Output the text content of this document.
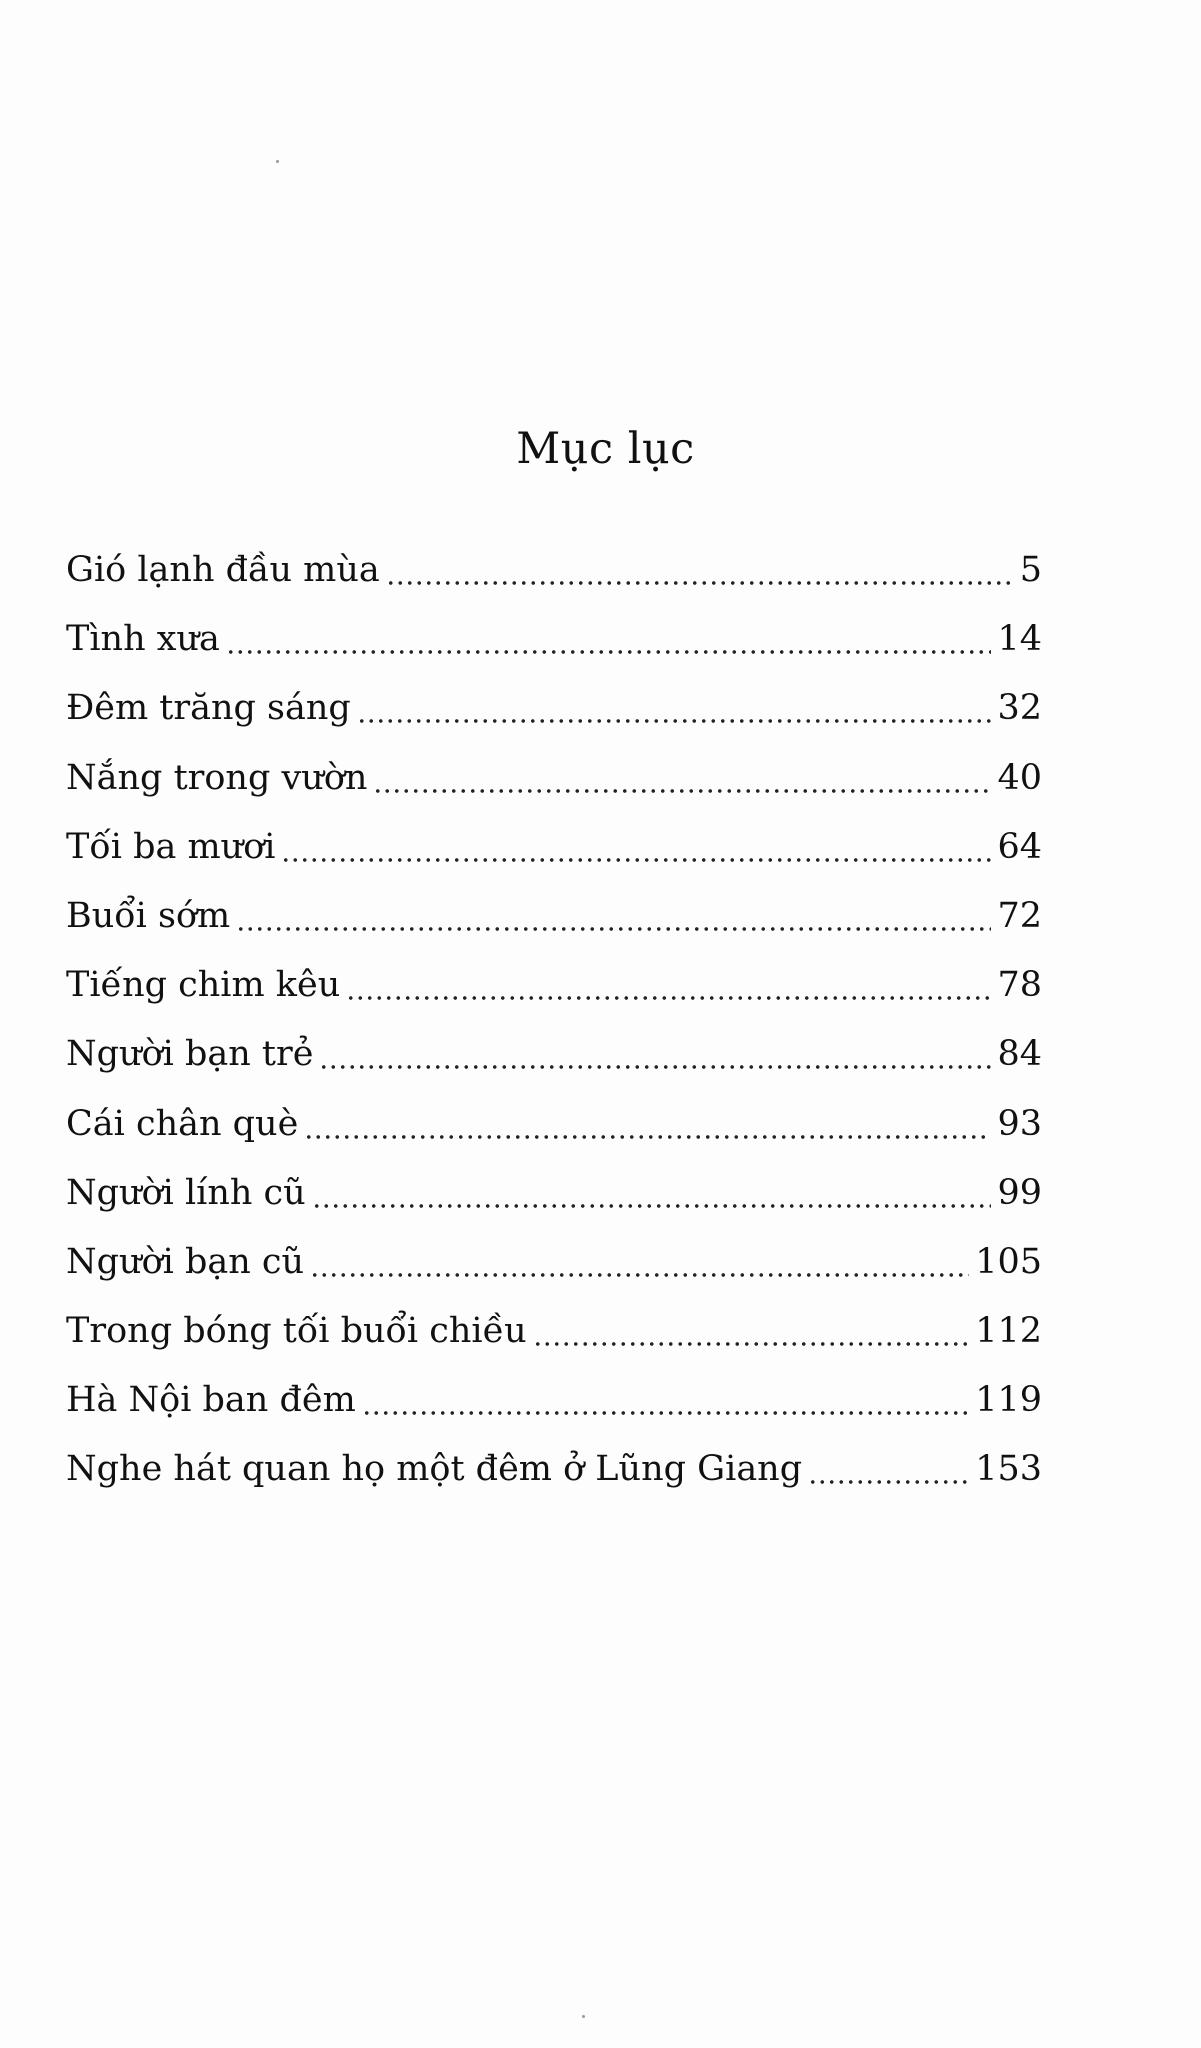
Mục lục
Gió lạnh đầu mùa	5
Tình xưa	14
Đêm trăng sáng	32
Nắng trong vườn	40
Tối ba mươi	64
Buổi sớm	72
Tiếng chim kêu	78
Người bạn trẻ	84
Cái chân què	93
Người lính cũ	99
Người bạn cũ	105
Trong bóng tối buổi chiều	112
Hà Nội ban đêm	119
Nghe hát quan họ một đêm ở Lũng Giang	153
